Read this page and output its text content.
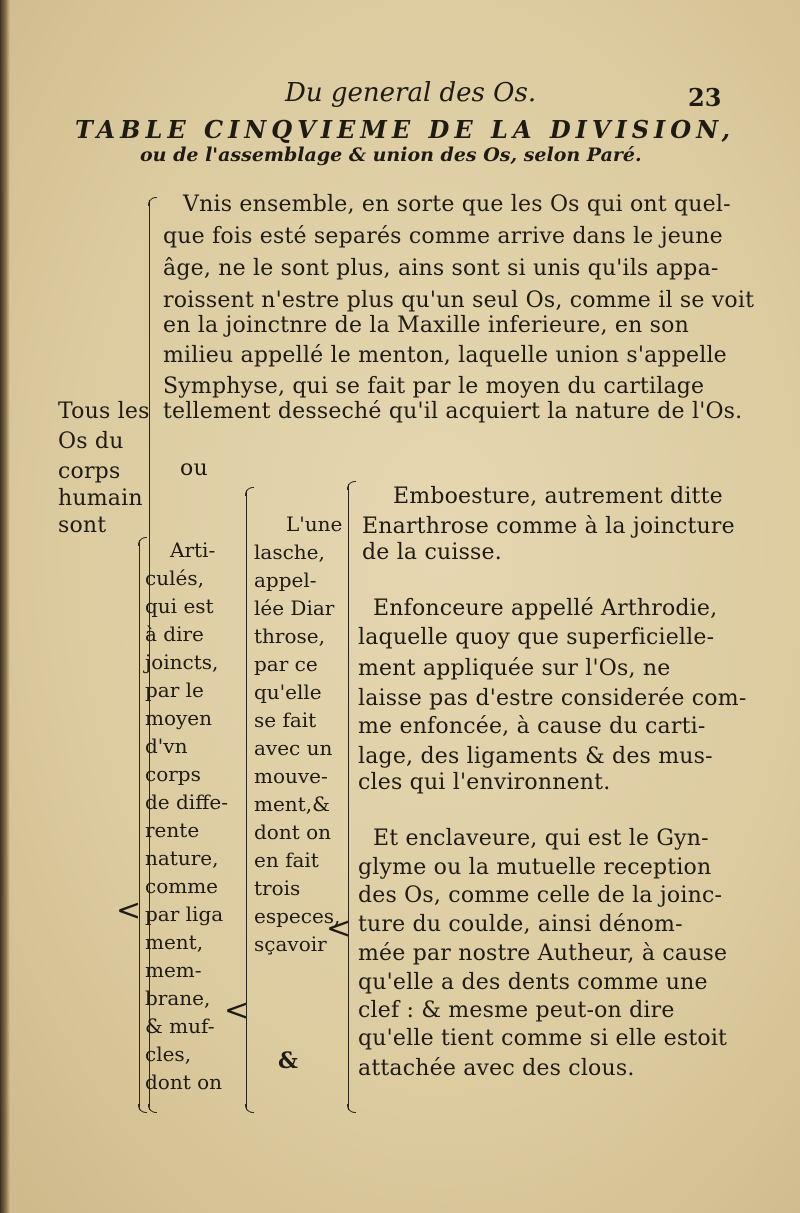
Du general des Os.	23
TABLE CINQVIEME DE LA DIVISION,
ou de l'assemblage & union des Os, selon Paré.
Tous les
Os du
corps
humain
sont
Vnis ensemble, en sorte que les Os qui ont quel-
que fois esté separés comme arrive dans le jeune
âge, ne le sont plus, ains sont si unis qu'ils appa-
roissent n'estre plus qu'un seul Os, comme il se voit
en la joinctnre de la Maxille inferieure, en son
milieu appellé le menton, laquelle union s'appelle
Symphyse, qui se fait par le moyen du cartilage
tellement desseché qu'il acquiert la nature de l'Os.
ou
<
Arti-
culés,
qui est
à dire
joincts,
par le
moyen
d'vn
corps
de diffe-
rente
nature,
comme
par liga
ment,
mem-
brane,
& muf-
cles,
dont on
<
L'une
lasche,
appel-
lée Diar
throse,
par ce
qu'elle
se fait
avec un
mouve-
ment,&
dont on
en fait
trois
especes,
sçavoir
&
<
Emboesture, autrement ditte
Enarthrose comme à la joincture
de la cuisse.
Enfonceure appellé Arthrodie,
laquelle quoy que superficielle-
ment appliquée sur l'Os, ne
laisse pas d'estre considerée com-
me enfoncée, à cause du carti-
lage, des ligaments & des mus-
cles qui l'environnent.
Et enclaveure, qui est le Gyn-
glyme ou la mutuelle reception
des Os, comme celle de la joinc-
ture du coulde, ainsi dénom-
mée par nostre Autheur, à cause
qu'elle a des dents comme une
clef : & mesme peut-on dire
qu'elle tient comme si elle estoit
attachée avec des clous.
